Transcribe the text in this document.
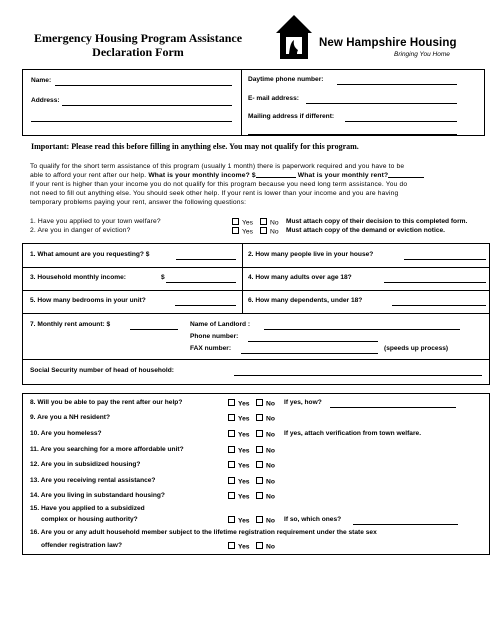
Emergency Housing Program Assistance
Declaration Form
New Hampshire Housing
Bringing You Home
Name:
Address:
Daytime phone number:
E- mail address:
Mailing address if different:
Important: Please read this before filling in anything else. You may not qualify for this program.
To qualify for the short term assistance of this program (usually 1 month) there is paperwork required and you have to be
able to afford your rent after our help. What is your monthly income? $	What is your monthly rent?
If your rent is higher than your income you do not qualify for this program because you need long term assistance. You do
not need to fill out anything else. You should seek other help. If your rent is lower than your income and you are having
temporary problems paying your rent, answer the following questions:
1. Have you applied to your town welfare?	Yes	No Must attach copy of their decision to this completed form.
2. Are you in danger of eviction?	Yes	No Must attach copy of the demand or eviction notice.
1. What amount are you requesting? $	2. How many people live in your house?
3. Household monthly income:	$	4. How many adults over age 18?
5. How many bedrooms in your unit?	6. How many dependents, under 18?
7. Monthly rent amount: $	Name of Landlord :
Phone number:
FAX number:	(speeds up process)
Social Security number of head of household:
8. Will you be able to pay the rent after our help?	Yes	No If yes, how?
9. Are you a NH resident?	Yes	No
10. Are you homeless?	Yes	No If yes, attach verification from town welfare.
11. Are you searching for a more affordable unit?	Yes	No
12. Are you in subsidized housing?	Yes	No
13. Are you receiving rental assistance?	Yes	No
14. Are you living in substandard housing?	Yes	No
15. Have you applied to a subsidized
complex or housing authority?	Yes	No If so, which ones?
16. Are you or any adult household member subject to the lifetime registration requirement under the state sex
offender registration law?	Yes	No
